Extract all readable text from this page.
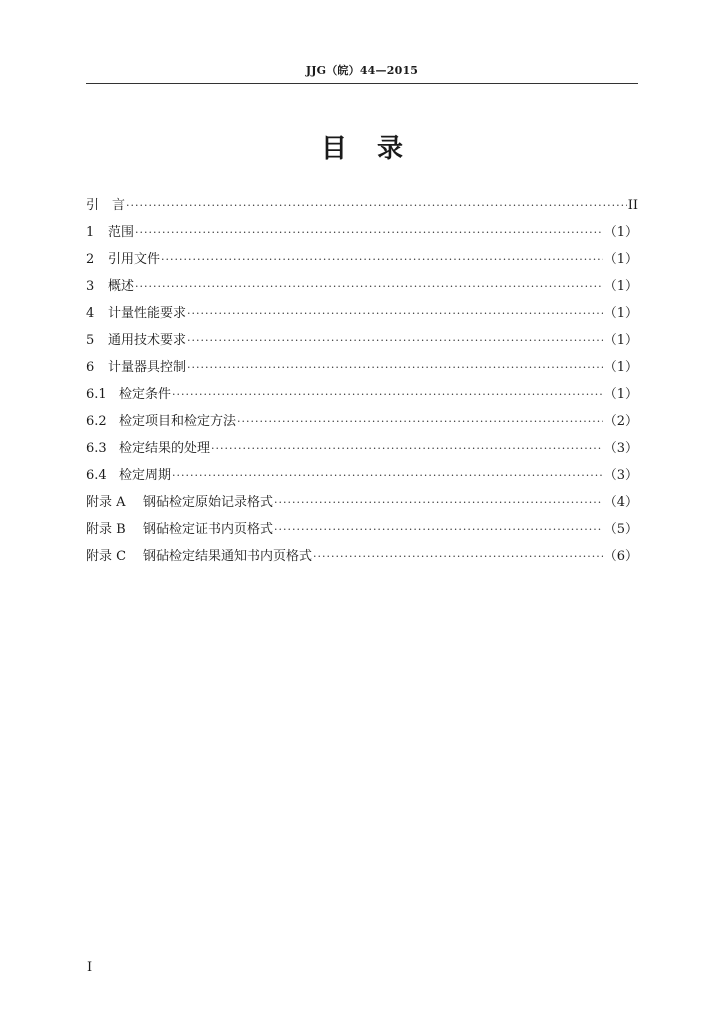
JJG（皖）44—2015
目录
引　言 ·····	II
1	范围 ·····	（1）
2	引用文件 ·····	（1）
3	概述 ·····	（1）
4	计量性能要求 ·····	（1）
5	通用技术要求 ·····	（1）
6	计量器具控制 ·····	（1）
6.1 检定条件 ·····	（1）
6.2 检定项目和检定方法 ·····	（2）
6.3 检定结果的处理 ·····	（3）
6.4 检定周期 ·····	（3）
附录 A	钢砧检定原始记录格式 ·····	（4）
附录 B	钢砧检定证书内页格式 ·····	（5）
附录 C	钢砧检定结果通知书内页格式 ·····	（6）
I
